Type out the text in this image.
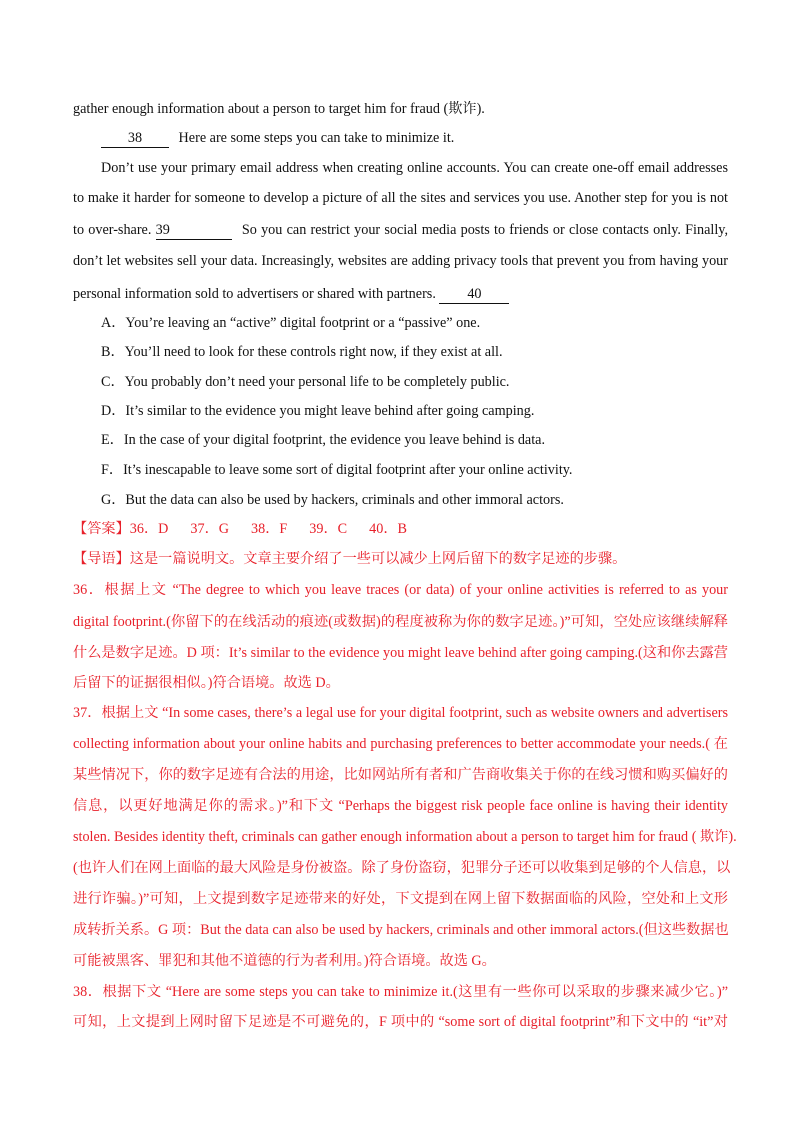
gather enough information about a person to target him for fraud (欺诈).
38	Here are some steps you can take to minimize it.
Don’t use your primary email address when creating online accounts. You can create one-off email addresses
to make it harder for someone to develop a picture of all the sites and services you use. Another step for you is not
to over-share. 39	So you can restrict your social media posts to friends or close contacts only. Finally,
don’t let websites sell your data. Increasingly, websites are adding privacy tools that prevent you from having your
personal information sold to advertisers or shared with partners. 40
A．You’re leaving an “active” digital footprint or a “passive” one.
B．You’ll need to look for these controls right now, if they exist at all.
C．You probably don’t need your personal life to be completely public.
D．It’s similar to the evidence you might leave behind after going camping.
E．In the case of your digital footprint, the evidence you leave behind is data.
F．It’s inescapable to leave some sort of digital footprint after your online activity.
G．But the data can also be used by hackers, criminals and other immoral actors.
【答案】36．D 37．G 38．F 39．C 40．B
【导语】这是一篇说明文。文章主要介绍了一些可以减少上网后留下的数字足迹的步骤。
36．根据上文 “The degree to which you leave traces (or data) of your online activities is referred to as your
digital footprint.(你留下的在线活动的痕迹(或数据)的程度被称为你的数字足迹。)”可知，空处应该继续解释
什么是数字足迹。D 项：It’s similar to the evidence you might leave behind after going camping.(这和你去露营
后留下的证据很相似。)符合语境。故选 D。
37．根据上文 “In some cases, there’s a legal use for your digital footprint, such as website owners and advertisers
collecting information about your online habits and purchasing preferences to better accommodate your needs.( 在
某些情况下，你的数字足迹有合法的用途，比如网站所有者和广告商收集关于你的在线习惯和购买偏好的
信息，以更好地满足你的需求。)”和下文 “Perhaps the biggest risk people face online is having their identity
stolen. Besides identity theft, criminals can gather enough information about a person to target him for fraud ( 欺诈).
(也许人们在网上面临的最大风险是身份被盗。除了身份盗窃，犯罪分子还可以收集到足够的个人信息，以
进行诈骗。)”可知，上文提到数字足迹带来的好处，下文提到在网上留下数据面临的风险，空处和上文形
成转折关系。G 项：But the data can also be used by hackers, criminals and other immoral actors.(但这些数据也
可能被黑客、罪犯和其他不道德的行为者利用。)符合语境。故选 G。
38．根据下文 “Here are some steps you can take to minimize it.(这里有一些你可以采取的步骤来减少它。)”
可知，上文提到上网时留下足迹是不可避免的，F 项中的 “some sort of digital footprint”和下文中的 “it”对
